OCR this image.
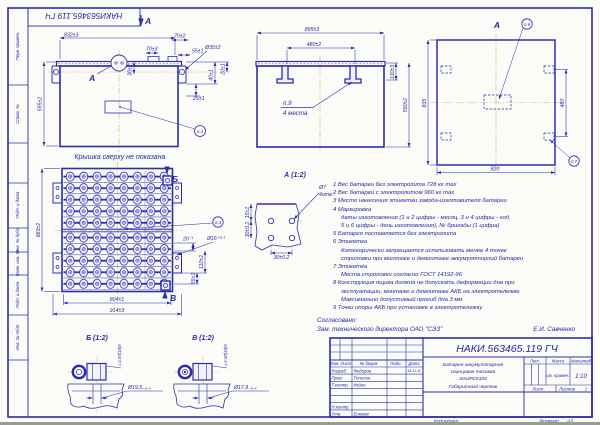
Перв. примен.
Справ. №
Подп. и дата
Инв. № дубл.
Взам. инв. №
Подп. и дата
Инв. № подл.
НАКИ563465.119 ГЧ
А
А
п.3
832±3
70±3
70±2
55±1
Ø35±2
595±2
30±2	40±1
20±1
25±1
Крышка сверху не показана
895±3
480±2
130±3
590±2
п.9
4 места
А	п.6
п.7
835	480
820
Б
В
п.4
883±2
804±1
914±3
20⁻¹	Ø16⁺⁰·¹
110±2
55±1
А (1:2)
15±2
30±0.2
30±0.2
Ø7
4отв.
Б (1:2)
▷1:60(18)9
Ø19.5₋₀.₄
В (1:2)
▷1:60(18)9
Ø17.9₋₀.₄
НАКИ.563465.119 ГЧ
Батарея аккумуляторная
свинцовая тяговая
40х4PzS320
Габаритный чертеж
Изм. Лист № докум.	Подп. Дата
Разраб. Федоров	14.11.11
Пров. Топилин
Т.контр. Кодин
Н.контр.
Утв.	Енюков
Лит.	Масса Масштаб
см. примеч. 1:10
Лист	Листов 1
1 Вес батареи без электролита 728 кг max
2 Вес батареи с электролитом 960 кг max
3 Место нанесения этикетки завода-изготовителя батареи
4 Маркировка
даты изготовления (1 и 2 цифры - месяц, 3 и 4 цифры - год,
5 и 6 цифры - день изготовления), № бригады (1 цифра)
5 Батарея поставляется без электролита
6 Этикетка
Категорически запрещается использовать менее 4 точек
строповки при монтаже и демонтаже аккумуляторной батареи
7 Этикетка
Места строповки согласно ГОСТ 14192-96
8 Конструкция ящика должна не допускать деформации дна при
эксплуатации, монтаже и демонтаже АКБ на электротележке
Максимально допустимый прогиб дна 3 мм
9 Точки опоры АКБ при установке в электротележку
Согласовано:
Зам. технического директора ОАО "СЭЗ"	Е.И. Савченко
